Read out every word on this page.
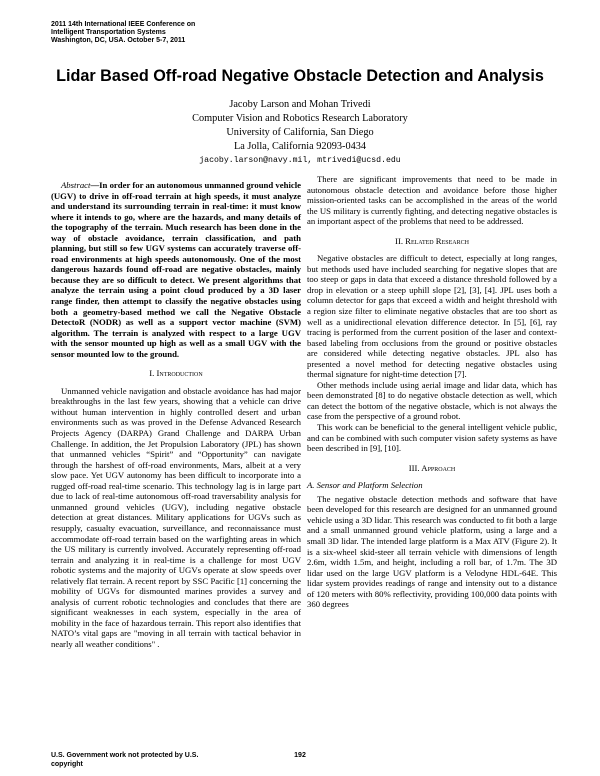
2011 14th International IEEE Conference on
Intelligent Transportation Systems
Washington, DC, USA. October 5-7, 2011
Lidar Based Off-road Negative Obstacle Detection and Analysis
Jacoby Larson and Mohan Trivedi
Computer Vision and Robotics Research Laboratory
University of California, San Diego
La Jolla, California 92093-0434
jacoby.larson@navy.mil, mtrivedi@ucsd.edu

Abstract—In order for an autonomous unmanned ground vehicle (UGV) to drive in off-road terrain at high speeds, it must analyze and understand its surrounding terrain in real-time: it must know where it intends to go, where are the hazards, and many details of the topography of the terrain. Much research has been done in the way of obstacle avoidance, terrain classification, and path planning, but still so few UGV systems can accurately traverse off-road environments at high speeds autonomously. One of the most dangerous hazards found off-road are negative obstacles, mainly because they are so difficult to detect. We present algorithms that analyze the terrain using a point cloud produced by a 3D laser range finder, then attempt to classify the negative obstacles using both a geometry-based method we call the Negative Obstacle DetectoR (NODR) as well as a support vector machine (SVM) algorithm. The terrain is analyzed with respect to a large UGV with the sensor mounted up high as well as a small UGV with the sensor mounted low to the ground.

I. Introduction

Unmanned vehicle navigation and obstacle avoidance has had major breakthroughs in the last few years, showing that a vehicle can drive without human intervention in highly controlled desert and urban environments such as was proved in the Defense Advanced Research Projects Agency (DARPA) Grand Challenge and DARPA Urban Challenge. In addition, the Jet Propulsion Laboratory (JPL) has shown that unmanned vehicles “Spirit” and “Opportunity” can navigate through the harshest of off-road environments, Mars, albeit at a very slow pace. Yet UGV autonomy has been difficult to incorporate into a rugged off-road real-time scenario. This technology lag is in large part due to lack of real-time autonomous off-road traversability analysis for unmanned ground vehicles (UGV), including negative obstacle detection at great distances. Military applications for UGVs such as resupply, casualty evacuation, surveillance, and reconnaissance must accommodate off-road terrain based on the warfighting areas in which the US military is currently involved. Accurately representing off-road terrain and analyzing it in real-time is a challenge for most UGV robotic systems and the majority of UGVs operate at slow speeds over relatively flat terrain. A recent report by SSC Pacific [1] concerning the mobility of UGVs for dismounted marines provides a survey and analysis of current robotic technologies and concludes that there are significant weaknesses in each system, especially in the area of mobility in the face of hazardous terrain. This report also identifies that NATO’s vital gaps are "moving in all terrain with tactical behavior in nearly all weather conditions" .

There are significant improvements that need to be made in autonomous obstacle detection and avoidance before those higher mission-oriented tasks can be accomplished in the areas of the world the US military is currently fighting, and detecting negative obstacles is an important aspect of the problems that need to be addressed.

II. Related Research

Negative obstacles are difficult to detect, especially at long ranges, but methods used have included searching for negative slopes that are too steep or gaps in data that exceed a distance threshold followed by a drop in elevation or a steep uphill slope [2], [3], [4]. JPL uses both a column detector for gaps that exceed a width and height threshold with a region size filter to eliminate negative obstacles that are too short as well as a unidirectional elevation difference detector. In [5], [6], ray tracing is performed from the current position of the laser and context-based labeling from occlusions from the ground or positive obstacles are considered while detecting negative obstacles. JPL also has presented a novel method for detecting negative obstacles using thermal signature for night-time detection [7].

Other methods include using aerial image and lidar data, which has been demonstrated [8] to do negative obstacle detection as well, which can detect the bottom of the negative obstacle, which is not always the case from the perspective of a ground robot.

This work can be beneficial to the general intelligent vehicle public, and can be combined with such computer vision safety systems as have been described in [9], [10].

III. Approach
A. Sensor and Platform Selection

The negative obstacle detection methods and software that have been developed for this research are designed for an unmanned ground vehicle using a 3D lidar. This research was conducted to fit both a large and a small unmanned ground vehicle platform, using a large and a small 3D lidar. The intended large platform is a Max ATV (Figure 2). It is a six-wheel skid-steer all terrain vehicle with dimensions of length 2.6m, width 1.5m, and height, including a roll bar, of 1.7m. The 3D lidar used on the large UGV platform is a Velodyne HDL-64E. This lidar system provides readings of range and intensity out to a distance of 120 meters with 80% reflectivity, providing 100,000 data points with 360 degrees

U.S. Government work not protected by U.S.
copyright
192
